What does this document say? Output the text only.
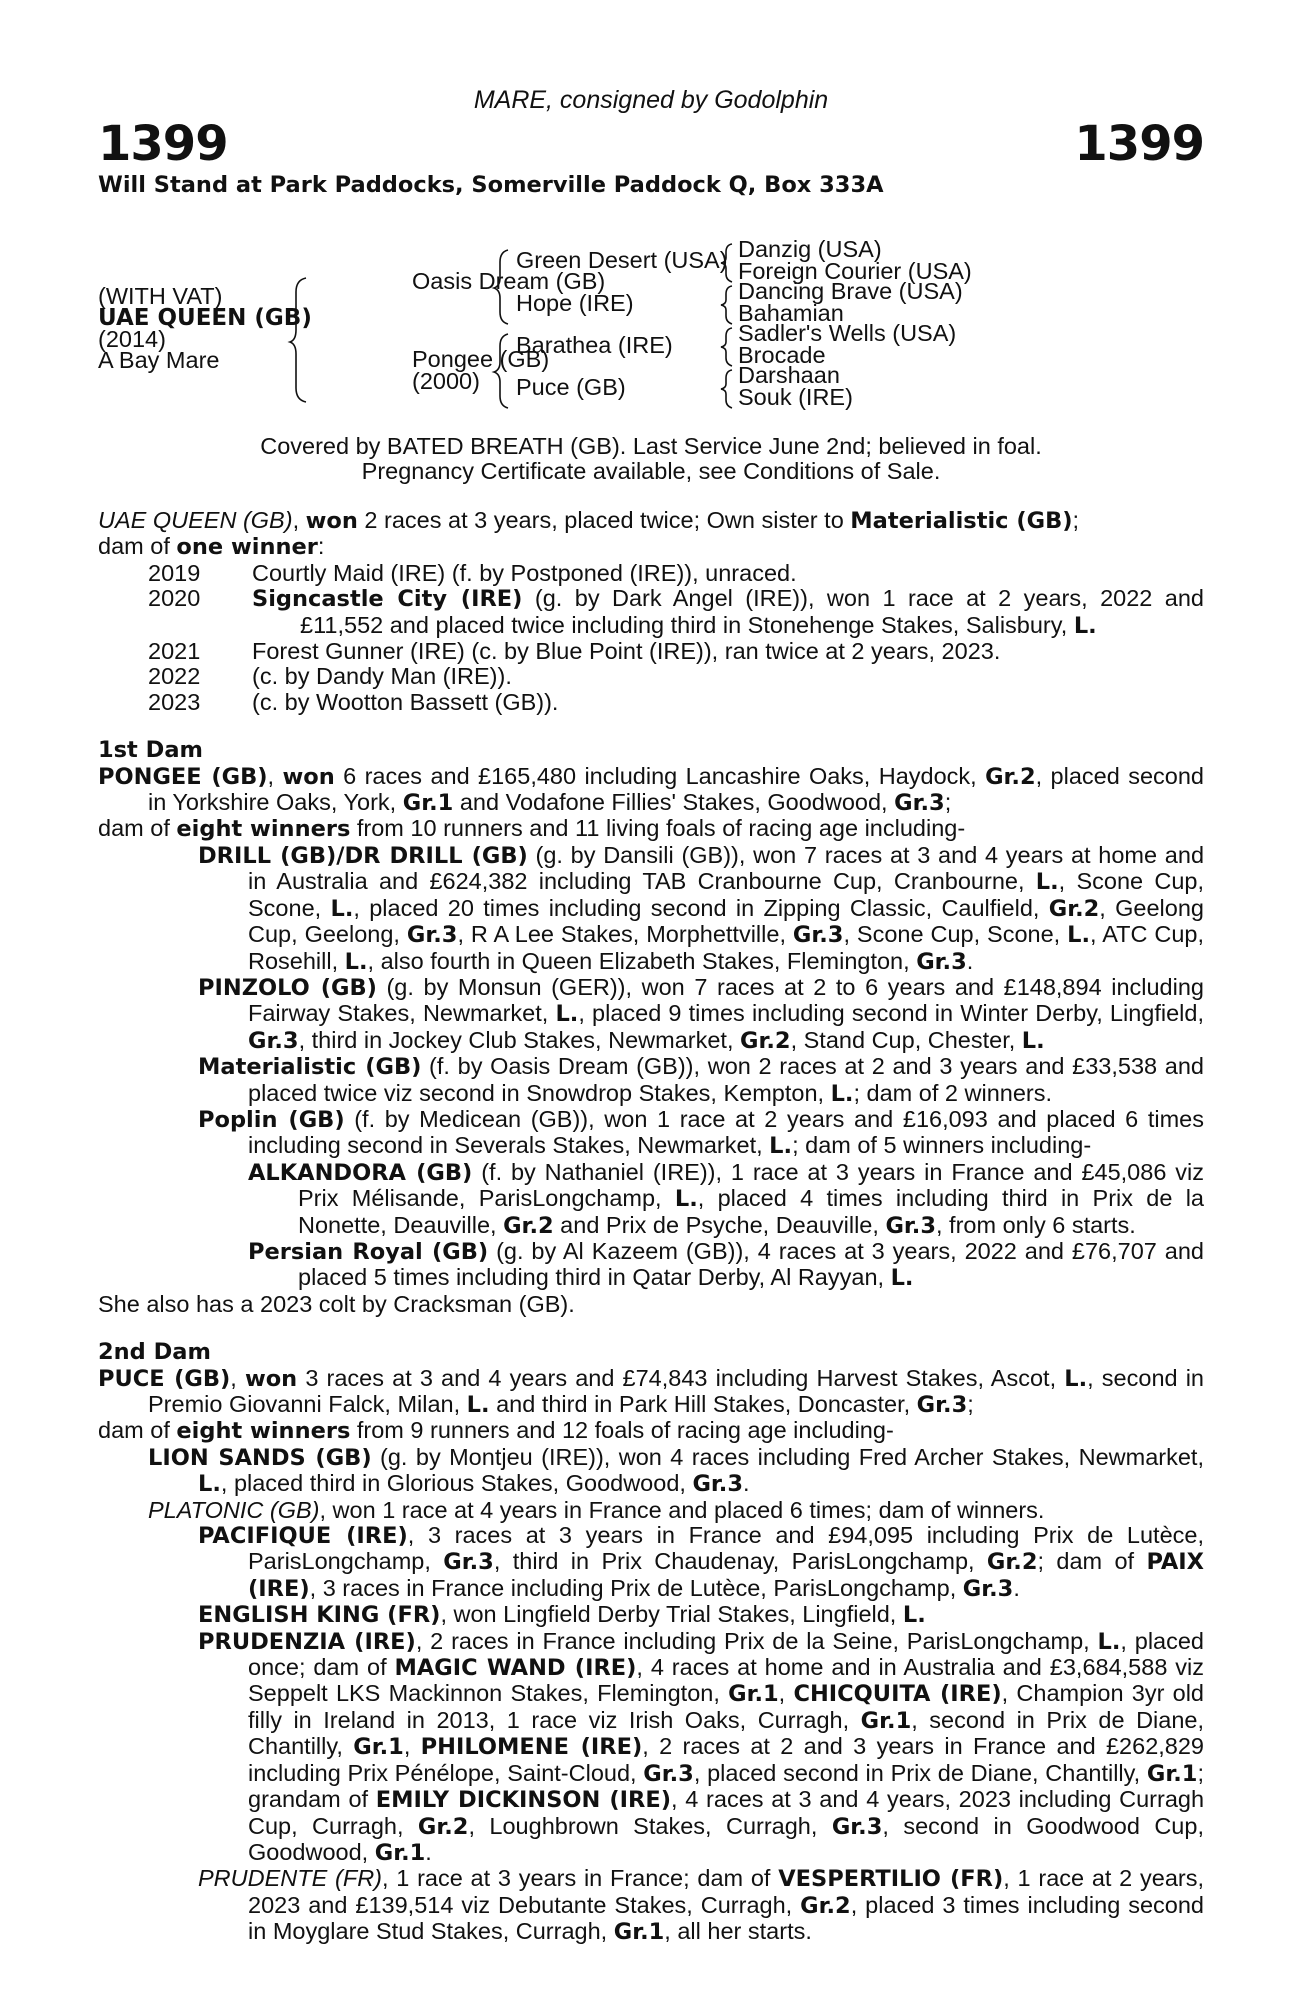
MARE, consigned by Godolphin
1399	1399
Will Stand at Park Paddocks, Somerville Paddock Q, Box 333A
(WITH VAT)
UAE QUEEN (GB)
(2014)
A Bay Mare
Oasis Dream (GB)
Pongee (GB)
(2000)
Green Desert (USA)
Hope (IRE)
Barathea (IRE)
Puce (GB)
Danzig (USA)
Foreign Courier (USA)
Dancing Brave (USA)
Bahamian
Sadler's Wells (USA)
Brocade
Darshaan
Souk (IRE)
Covered by BATED BREATH (GB). Last Service June 2nd; believed in foal.
Pregnancy Certificate available, see Conditions of Sale.
UAE QUEEN (GB), won 2 races at 3 years, placed twice; Own sister to Materialistic (GB);
dam of one winner:
2019 Courtly Maid (IRE) (f. by Postponed (IRE)), unraced.
2020 Signcastle City (IRE) (g. by Dark Angel (IRE)), won 1 race at 2 years, 2022 and £11,552 and placed twice including third in Stonehenge Stakes, Salisbury, L.
2021 Forest Gunner (IRE) (c. by Blue Point (IRE)), ran twice at 2 years, 2023.
2022 (c. by Dandy Man (IRE)).
2023 (c. by Wootton Bassett (GB)).
1st Dam
PONGEE (GB), won 6 races and £165,480 including Lancashire Oaks, Haydock, Gr.2, placed second in Yorkshire Oaks, York, Gr.1 and Vodafone Fillies' Stakes, Goodwood, Gr.3;
dam of eight winners from 10 runners and 11 living foals of racing age including-
DRILL (GB)/DR DRILL (GB) (g. by Dansili (GB)), won 7 races at 3 and 4 years at home and in Australia and £624,382 including TAB Cranbourne Cup, Cranbourne, L., Scone Cup, Scone, L., placed 20 times including second in Zipping Classic, Caulfield, Gr.2, Geelong Cup, Geelong, Gr.3, R A Lee Stakes, Morphettville, Gr.3, Scone Cup, Scone, L., ATC Cup, Rosehill, L., also fourth in Queen Elizabeth Stakes, Flemington, Gr.3.
PINZOLO (GB) (g. by Monsun (GER)), won 7 races at 2 to 6 years and £148,894 including Fairway Stakes, Newmarket, L., placed 9 times including second in Winter Derby, Lingfield, Gr.3, third in Jockey Club Stakes, Newmarket, Gr.2, Stand Cup, Chester, L.
Materialistic (GB) (f. by Oasis Dream (GB)), won 2 races at 2 and 3 years and £33,538 and placed twice viz second in Snowdrop Stakes, Kempton, L.; dam of 2 winners.
Poplin (GB) (f. by Medicean (GB)), won 1 race at 2 years and £16,093 and placed 6 times including second in Severals Stakes, Newmarket, L.; dam of 5 winners including-
ALKANDORA (GB) (f. by Nathaniel (IRE)), 1 race at 3 years in France and £45,086 viz Prix Mélisande, ParisLongchamp, L., placed 4 times including third in Prix de la Nonette, Deauville, Gr.2 and Prix de Psyche, Deauville, Gr.3, from only 6 starts.
Persian Royal (GB) (g. by Al Kazeem (GB)), 4 races at 3 years, 2022 and £76,707 and placed 5 times including third in Qatar Derby, Al Rayyan, L.
She also has a 2023 colt by Cracksman (GB).
2nd Dam
PUCE (GB), won 3 races at 3 and 4 years and £74,843 including Harvest Stakes, Ascot, L., second in Premio Giovanni Falck, Milan, L. and third in Park Hill Stakes, Doncaster, Gr.3;
dam of eight winners from 9 runners and 12 foals of racing age including-
LION SANDS (GB) (g. by Montjeu (IRE)), won 4 races including Fred Archer Stakes, Newmarket, L., placed third in Glorious Stakes, Goodwood, Gr.3.
PLATONIC (GB), won 1 race at 4 years in France and placed 6 times; dam of winners.
PACIFIQUE (IRE), 3 races at 3 years in France and £94,095 including Prix de Lutèce, ParisLongchamp, Gr.3, third in Prix Chaudenay, ParisLongchamp, Gr.2; dam of PAIX (IRE), 3 races in France including Prix de Lutèce, ParisLongchamp, Gr.3.
ENGLISH KING (FR), won Lingfield Derby Trial Stakes, Lingfield, L.
PRUDENZIA (IRE), 2 races in France including Prix de la Seine, ParisLongchamp, L., placed once; dam of MAGIC WAND (IRE), 4 races at home and in Australia and £3,684,588 viz Seppelt LKS Mackinnon Stakes, Flemington, Gr.1, CHICQUITA (IRE), Champion 3yr old filly in Ireland in 2013, 1 race viz Irish Oaks, Curragh, Gr.1, second in Prix de Diane, Chantilly, Gr.1, PHILOMENE (IRE), 2 races at 2 and 3 years in France and £262,829 including Prix Pénélope, Saint-Cloud, Gr.3, placed second in Prix de Diane, Chantilly, Gr.1; grandam of EMILY DICKINSON (IRE), 4 races at 3 and 4 years, 2023 including Curragh Cup, Curragh, Gr.2, Loughbrown Stakes, Curragh, Gr.3, second in Goodwood Cup, Goodwood, Gr.1.
PRUDENTE (FR), 1 race at 3 years in France; dam of VESPERTILIO (FR), 1 race at 2 years, 2023 and £139,514 viz Debutante Stakes, Curragh, Gr.2, placed 3 times including second in Moyglare Stud Stakes, Curragh, Gr.1, all her starts.
